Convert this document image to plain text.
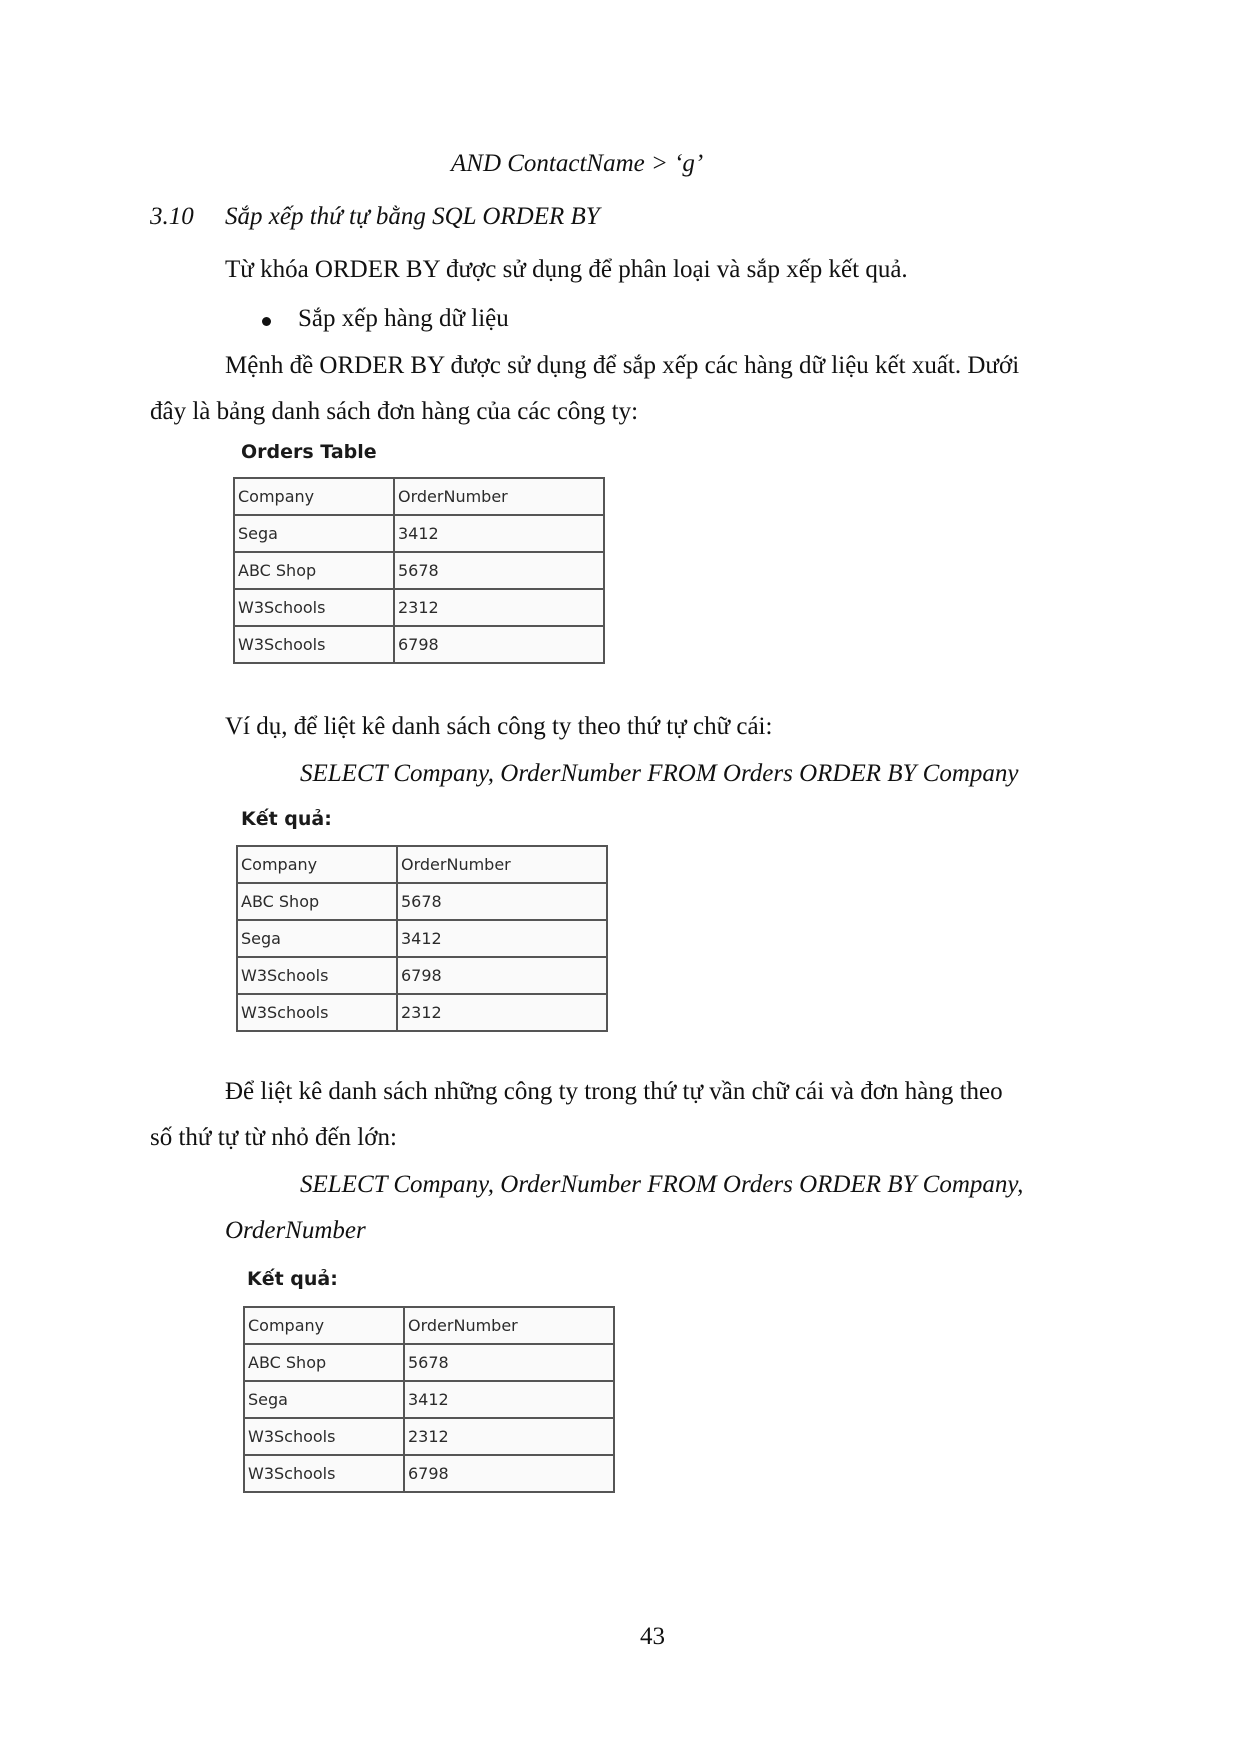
AND ContactName > ‘g’
3.10 Sắp xếp thứ tự bằng SQL ORDER BY
Từ khóa ORDER BY được sử dụng để phân loại và sắp xếp kết quả.
Sắp xếp hàng dữ liệu
Mệnh đề ORDER BY được sử dụng để sắp xếp các hàng dữ liệu kết xuất. Dưới
đây là bảng danh sách đơn hàng của các công ty:
Orders Table
Company	OrderNumber
Sega	3412
ABC Shop	5678
W3Schools	2312
W3Schools	6798
Ví dụ, để liệt kê danh sách công ty theo thứ tự chữ cái:
SELECT Company, OrderNumber FROM Orders ORDER BY Company
Kết quả:
Company	OrderNumber
ABC Shop	5678
Sega	3412
W3Schools	6798
W3Schools	2312
Để liệt kê danh sách những công ty trong thứ tự vần chữ cái và đơn hàng theo
số thứ tự từ nhỏ đến lớn:
SELECT Company, OrderNumber FROM Orders ORDER BY Company,
OrderNumber
Kết quả:
Company	OrderNumber
ABC Shop	5678
Sega	3412
W3Schools	2312
W3Schools	6798
43
